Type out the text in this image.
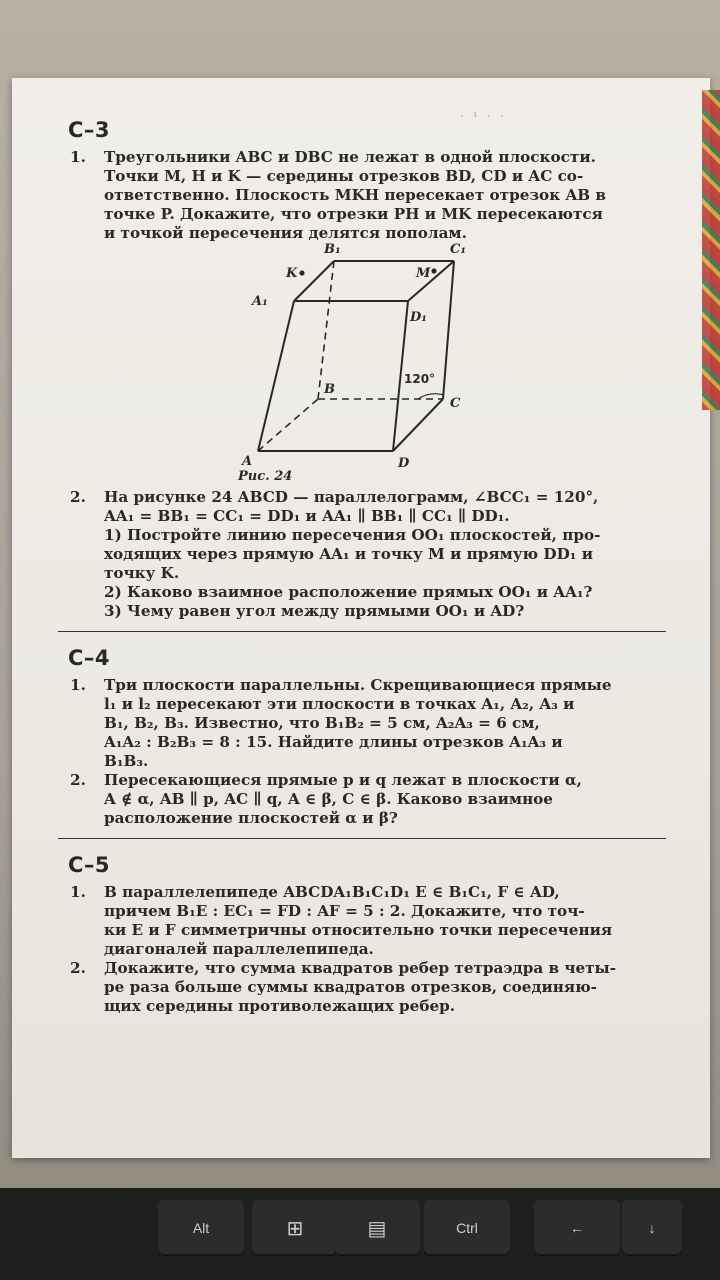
· ¹ · ·
С–3
1.	Треугольники ABC и DBC не лежат в одной плоскости.
Точки M, H и K — середины отрезков BD, CD и AC со-
ответственно. Плоскость MKH пересекает отрезок AB в
точке P. Докажите, что отрезки PH и MK пересекаются
и точкой пересечения делятся пополам.
B₁	C₁
K	M
A₁
D₁
B
C
A	D
120°
Рис. 24
2.	На рисунке 24 ABCD — параллелограмм, ∠BCC₁ = 120°,
AA₁ = BB₁ = CC₁ = DD₁ и AA₁ ∥ BB₁ ∥ CC₁ ∥ DD₁.
1) Постройте линию пересечения OO₁ плоскостей, про-
ходящих через прямую AA₁ и точку M и прямую DD₁ и
точку K.
2) Каково взаимное расположение прямых OO₁ и AA₁?
3) Чему равен угол между прямыми OO₁ и AD?
С–4
1.	Три плоскости параллельны. Скрещивающиеся прямые
l₁ и l₂ пересекают эти плоскости в точках A₁, A₂, A₃ и
B₁, B₂, B₃. Известно, что B₁B₂ = 5 см, A₂A₃ = 6 см,
A₁A₂ : B₂B₃ = 8 : 15. Найдите длины отрезков A₁A₃ и
B₁B₃.
2.	Пересекающиеся прямые p и q лежат в плоскости α,
A ∉ α, AB ∥ p, AC ∥ q, A ∈ β, C ∈ β. Каково взаимное
расположение плоскостей α и β?
С–5
1.	В параллелепипеде ABCDA₁B₁C₁D₁ E ∈ B₁C₁, F ∈ AD,
причем B₁E : EC₁ = FD : AF = 5 : 2. Докажите, что точ-
ки E и F симметричны относительно точки пересечения
диагоналей параллелепипеда.
2.	Докажите, что сумма квадратов ребер тетраэдра в четы-
ре раза больше суммы квадратов отрезков, соединяю-
щих середины противолежащих ребер.
Alt	⊞	▤	Ctrl	←	↓
